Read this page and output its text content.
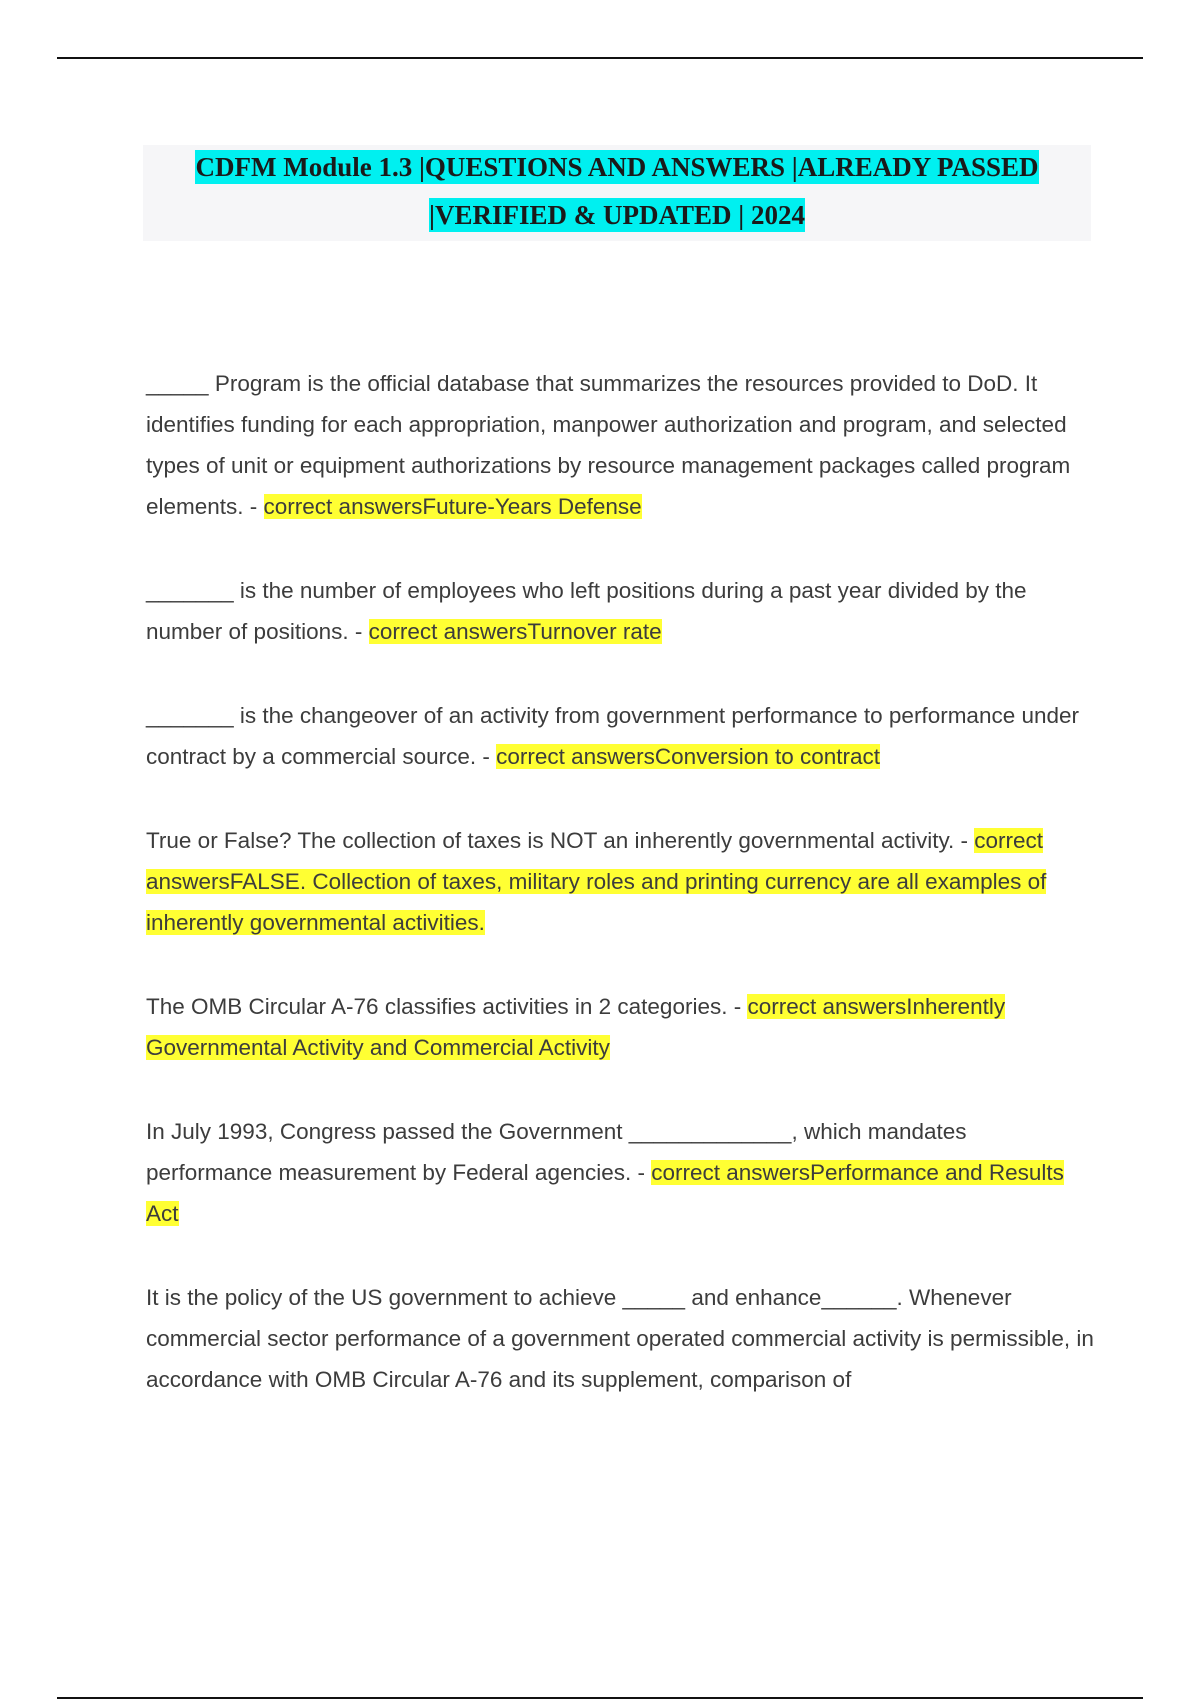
CDFM Module 1.3 |QUESTIONS AND ANSWERS |ALREADY PASSED
|VERIFIED & UPDATED | 2024

_____ Program is the official database that summarizes the resources provided to DoD. It identifies funding for each appropriation, manpower authorization and program, and selected types of unit or equipment authorizations by resource management packages called program elements. - correct answersFuture-Years Defense

_______ is the number of employees who left positions during a past year divided by the number of positions. - correct answersTurnover rate

_______ is the changeover of an activity from government performance to performance under contract by a commercial source. - correct answersConversion to contract

True or False? The collection of taxes is NOT an inherently governmental activity. - correct answersFALSE. Collection of taxes, military roles and printing currency are all examples of inherently governmental activities.

The OMB Circular A-76 classifies activities in 2 categories. - correct answersInherently Governmental Activity and Commercial Activity

In July 1993, Congress passed the Government _____________, which mandates performance measurement by Federal agencies. - correct answersPerformance and Results Act

It is the policy of the US government to achieve _____ and enhance______. Whenever commercial sector performance of a government operated commercial activity is permissible, in accordance with OMB Circular A-76 and its supplement, comparison of
